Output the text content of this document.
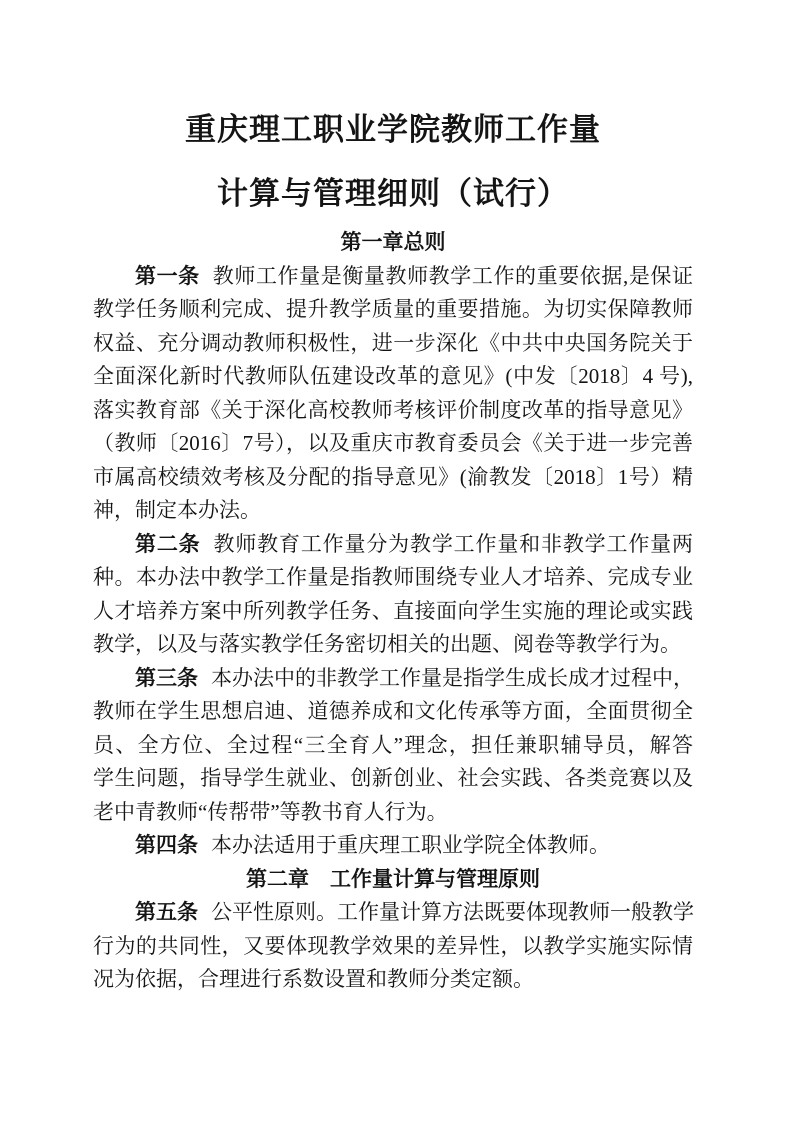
重庆理工职业学院教师工作量
计算与管理细则（试行）
第一章总则
第一条 教师工作量是衡量教师教学工作的重要依据,是保证
教学任务顺利完成、提升教学质量的重要措施。为切实保障教师
权益、充分调动教师积极性，进一步深化《中共中央国务院关于
全面深化新时代教师队伍建设改革的意见》(中发〔2018〕4 号),
落实教育部《关于深化高校教师考核评价制度改革的指导意见》
（教师〔2016〕7号），以及重庆市教育委员会《关于进一步完善
市属高校绩效考核及分配的指导意见》(渝教发〔2018〕1号）精
神，制定本办法。
第二条 教师教育工作量分为教学工作量和非教学工作量两
种。本办法中教学工作量是指教师围绕专业人才培养、完成专业
人才培养方案中所列教学任务、直接面向学生实施的理论或实践
教学，以及与落实教学任务密切相关的出题、阅卷等教学行为。
第三条 本办法中的非教学工作量是指学生成长成才过程中，
教师在学生思想启迪、道德养成和文化传承等方面，全面贯彻全
员、全方位、全过程“三全育人”理念，担任兼职辅导员，解答
学生问题，指导学生就业、创新创业、社会实践、各类竞赛以及
老中青教师“传帮带”等教书育人行为。
第四条 本办法适用于重庆理工职业学院全体教师。
第二章　工作量计算与管理原则
第五条 公平性原则。工作量计算方法既要体现教师一般教学
行为的共同性，又要体现教学效果的差异性，以教学实施实际情
况为依据，合理进行系数设置和教师分类定额。
